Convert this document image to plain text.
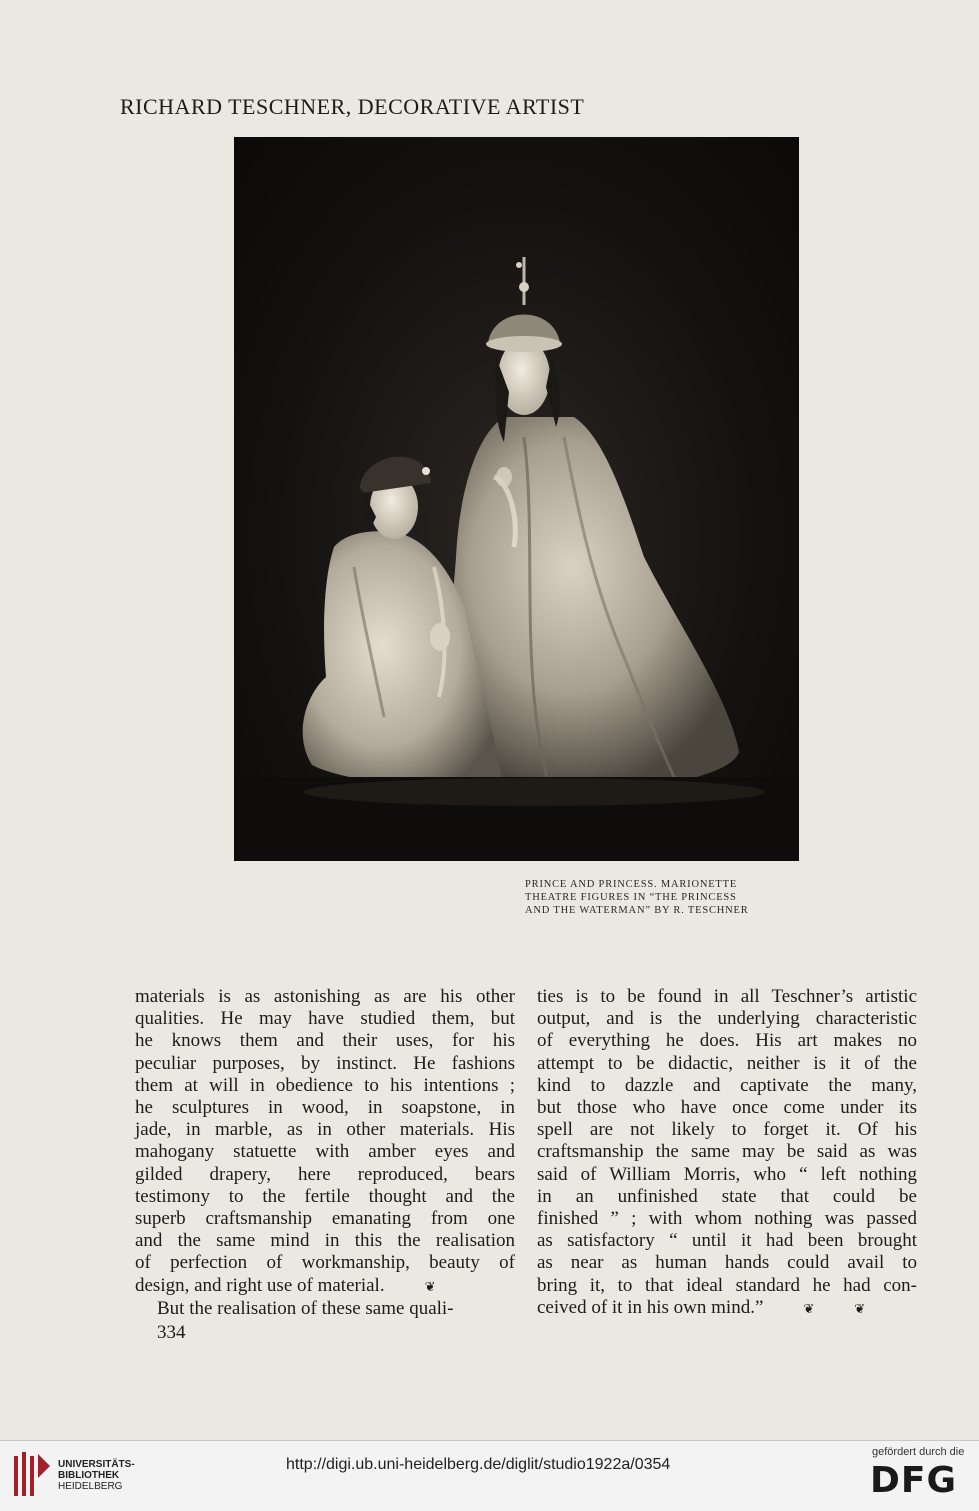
RICHARD TESCHNER, DECORATIVE ARTIST
PRINCE AND PRINCESS. MARIONETTE
THEATRE FIGURES IN “THE PRINCESS
AND THE WATERMAN” BY R. TESCHNER
materials is as astonishing as are his other
qualities. He may have studied them, but
he knows them and their uses, for his
peculiar purposes, by instinct. He fashions
them at will in obedience to his intentions ;
he sculptures in wood, in soapstone, in
jade, in marble, as in other materials. His
mahogany statuette with amber eyes and
gilded drapery, here reproduced, bears
testimony to the fertile thought and the
superb craftsmanship emanating from one
and the same mind in this the realisation
of perfection of workmanship, beauty of
design, and right use of material.	❦
But the realisation of these same quali-
ties is to be found in all Teschner’s artistic
output, and is the underlying characteristic
of everything he does. His art makes no
attempt to be didactic, neither is it of the
kind to dazzle and captivate the many,
but those who have once come under its
spell are not likely to forget it. Of his
craftsmanship the same may be said as was
said of William Morris, who “ left nothing
in an unfinished state that could be
finished ” ; with whom nothing was passed
as satisfactory “ until it had been brought
as near as human hands could avail to
bring it, to that ideal standard he had con-
ceived of it in his own mind.”	❦	❦
334
UNIVERSITÄTS-
BIBLIOTHEK
HEIDELBERG
http://digi.ub.uni-heidelberg.de/diglit/studio1922a/0354
gefördert durch die
DFG
